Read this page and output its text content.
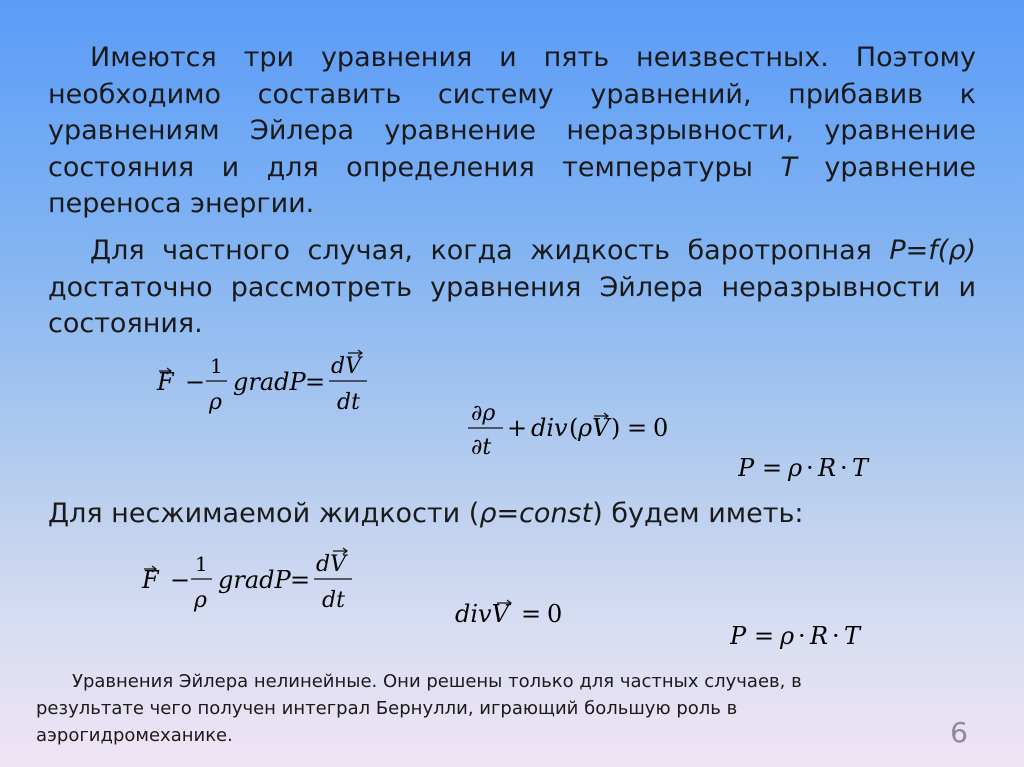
Имеются три уравнения и пять неизвестных. Поэтому
необходимо составить систему уравнений, прибавив к
уравнениям Эйлера уравнение неразрывности, уравнение
состояния и для определения температуры T уравнение
переноса энергии.

Для частного случая, когда жидкость баротропная P=f(ρ)
достаточно рассмотреть уравнения Эйлера неразрывности и
состояния.

F −
1
ρ
gradP =
dV
dt	∂ρ
∂t
+ div ( ρV ) = 0
P = ρ · R · T

Для несжимаемой жидкости (ρ=const) будем иметь:

F −
1
ρ
gradP =
dV
dt	divV = 0
P = ρ · R · T

Уравнения Эйлера нелинейные. Они решены только для частных случаев, в
результате чего получен интеграл Бернулли, играющий большую роль в
аэрогидромеханике.	6
